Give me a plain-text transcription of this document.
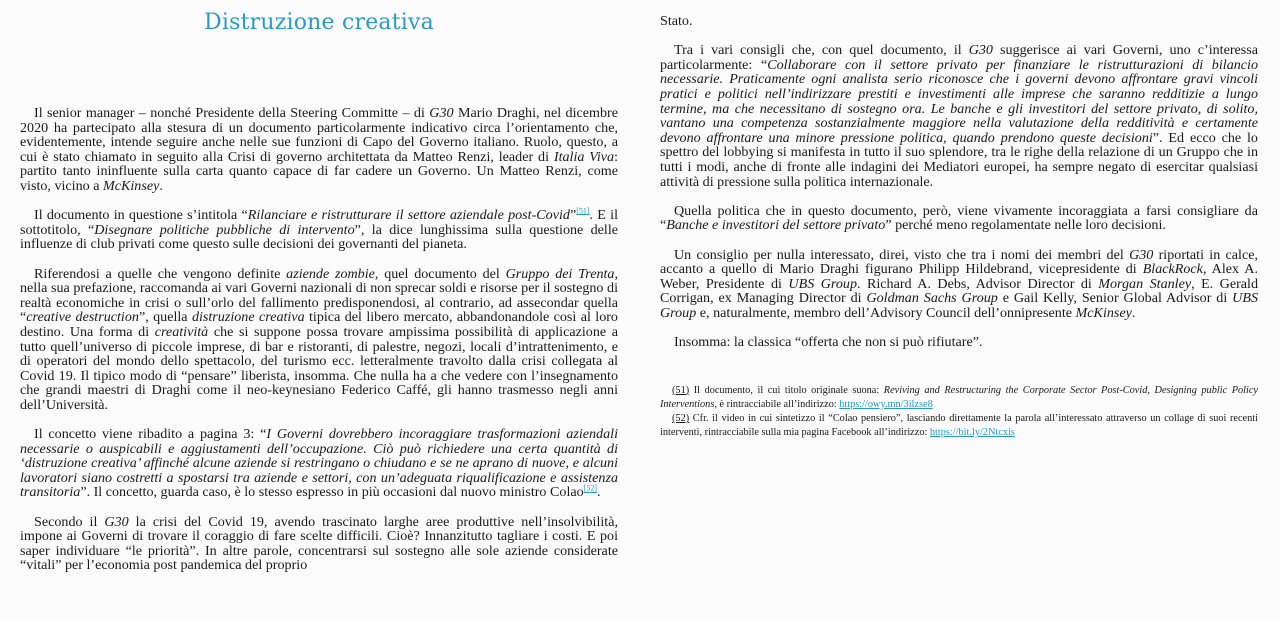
Distruzione creativa

Il senior manager – nonché Presidente della Steering Committe – di G30 Mario Draghi, nel dicembre 2020 ha partecipato alla stesura di un documento particolarmente indicativo circa l’orientamento che, evidentemente, intende seguire anche nelle sue funzioni di Capo del Governo italiano. Ruolo, questo, a cui è stato chiamato in seguito alla Crisi di governo architettata da Matteo Renzi, leader di Italia Viva: partito tanto ininfluente sulla carta quanto capace di far cadere un Governo. Un Matteo Renzi, come visto, vicino a McKinsey.

Il documento in questione s’intitola “Rilanciare e ristrutturare il settore aziendale post-Covid”[51]. E il sottotitolo, “Disegnare politiche pubbliche di intervento”, la dice lunghissima sulla questione delle influenze di club privati come questo sulle decisioni dei governanti del pianeta.

Riferendosi a quelle che vengono definite aziende zombie, quel documento del Gruppo dei Trenta, nella sua prefazione, raccomanda ai vari Governi nazionali di non sprecar soldi e risorse per il sostegno di realtà economiche in crisi o sull’orlo del fallimento predisponendosi, al contrario, ad assecondar quella “creative destruction”, quella distruzione creativa tipica del libero mercato, abbandonandole così al loro destino. Una forma di creatività che si suppone possa trovare ampissima possibilità di applicazione a tutto quell’universo di piccole imprese, di bar e ristoranti, di palestre, negozi, locali d’intrattenimento, e di operatori del mondo dello spettacolo, del turismo ecc. letteralmente travolto dalla crisi collegata al Covid 19. Il tipico modo di “pensare” liberista, insomma. Che nulla ha a che vedere con l’insegnamento che grandi maestri di Draghi come il neo-keynesiano Federico Caffé, gli hanno trasmesso negli anni dell’Università.

Il concetto viene ribadito a pagina 3: “I Governi dovrebbero incoraggiare trasformazioni aziendali necessarie o auspicabili e aggiustamenti dell’occupazione. Ciò può richiedere una certa quantità di ‘distruzione creativa’ affinché alcune aziende si restringano o chiudano e se ne aprano di nuove, e alcuni lavoratori siano costretti a spostarsi tra aziende e settori, con un’adeguata riqualificazione e assistenza transitoria”. Il concetto, guarda caso, è lo stesso espresso in più occasioni dal nuovo ministro Colao[52].

Secondo il G30 la crisi del Covid 19, avendo trascinato larghe aree produttive nell’insolvibilità, impone ai Governi di trovare il coraggio di fare scelte difficili. Cioè? Innanzitutto tagliare i costi. E poi saper individuare “le priorità”. In altre parole, concentrarsi sul sostegno alle sole aziende considerate “vitali” per l’economia post pandemica del proprio

Stato.

Tra i vari consigli che, con quel documento, il G30 suggerisce ai vari Governi, uno c’interessa particolarmente: “Collaborare con il settore privato per finanziare le ristrutturazioni di bilancio necessarie. Praticamente ogni analista serio riconosce che i governi devono affrontare gravi vincoli pratici e politici nell’indirizzare prestiti e investimenti alle imprese che saranno redditizie a lungo termine, ma che necessitano di sostegno ora. Le banche e gli investitori del settore privato, di solito, vantano una competenza sostanzialmente maggiore nella valutazione della redditività e certamente devono affrontare una minore pressione politica, quando prendono queste decisioni”. Ed ecco che lo spettro del lobbying si manifesta in tutto il suo splendore, tra le righe della relazione di un Gruppo che in tutti i modi, anche di fronte alle indagini dei Mediatori europei, ha sempre negato di esercitar qualsiasi attività di pressione sulla politica internazionale.

Quella politica che in questo documento, però, viene vivamente incoraggiata a farsi consigliare da “Banche e investitori del settore privato” perché meno regolamentate nelle loro decisioni.

Un consiglio per nulla interessato, direi, visto che tra i nomi dei membri del G30 riportati in calce, accanto a quello di Mario Draghi figurano Philipp Hildebrand, vicepresidente di BlackRock, Alex A. Weber, Presidente di UBS Group. Richard A. Debs, Advisor Director di Morgan Stanley, E. Gerald Corrigan, ex Managing Director di Goldman Sachs Group e Gail Kelly, Senior Global Advisor di UBS Group e, naturalmente, membro dell’Advisory Council dell’onnipresente McKinsey.

Insomma: la classica “offerta che non si può rifiutare”.

(51) Il documento, il cui titolo originale suona: Reviving and Restructuring the Corporate Sector Post-Covid, Designing public Policy Interventions, è rintracciabile all’indirizzo: https://owy.mn/3ilzse8
(52) Cfr. il video in cui sintetizzo il “Colao pensiero”, lasciando direttamente la parola all’interessato attraverso un collage di suoi recenti interventi, rintracciabile sulla mia pagina Facebook all’indirizzo: https://bit.ly/2Ntcxis
